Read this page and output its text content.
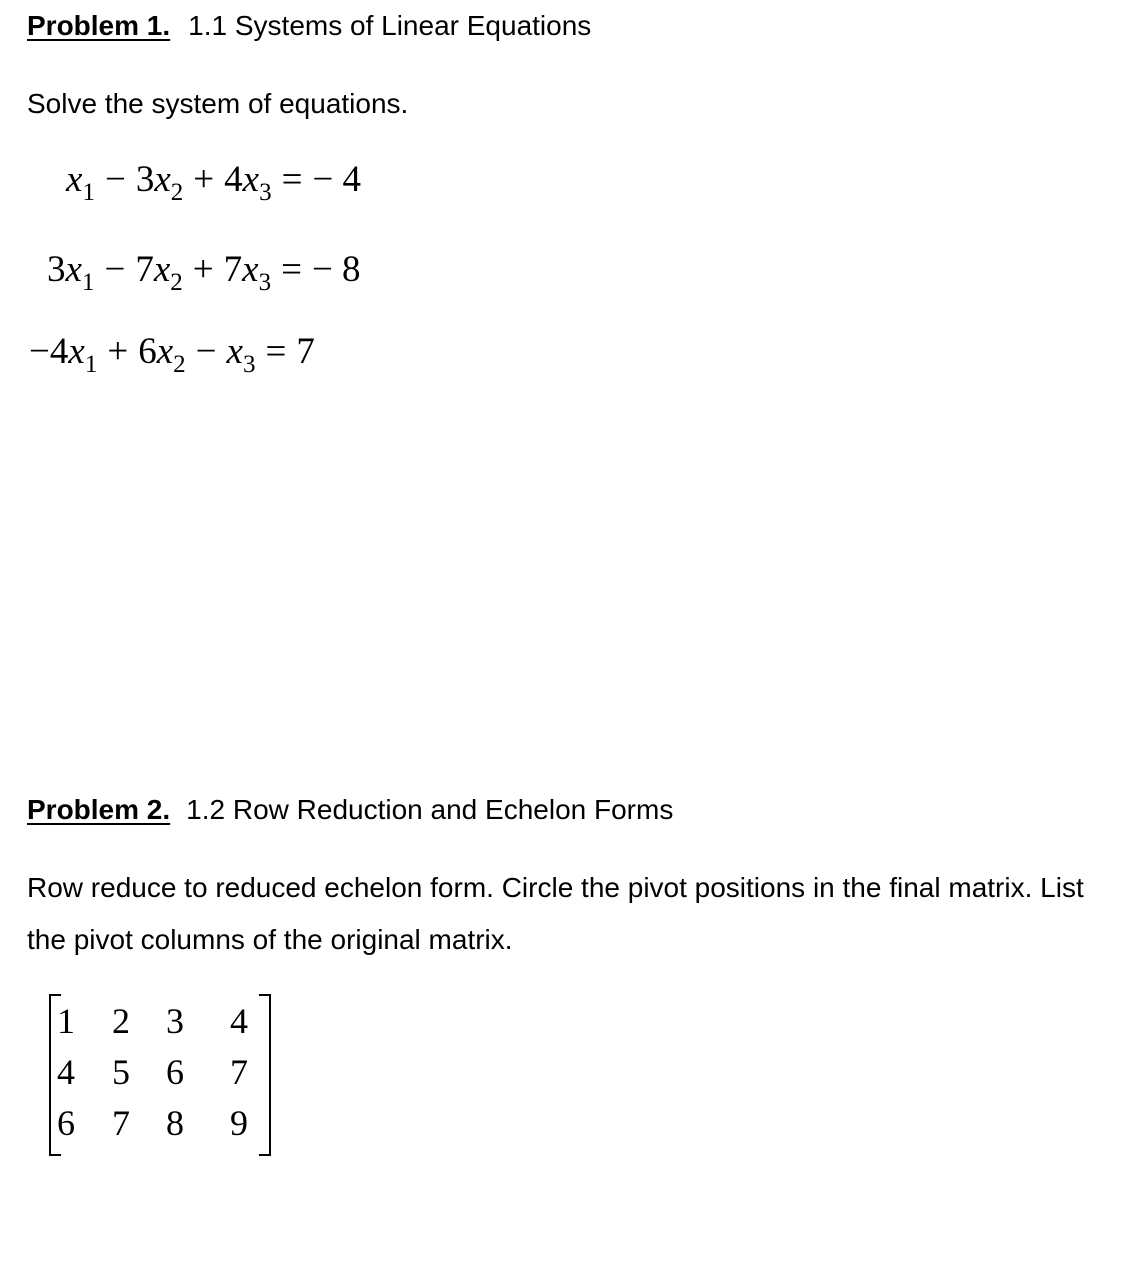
Problem 1. 1.1 Systems of Linear Equations
Solve the system of equations.
$x_1 - 3x_2 + 4x_3$ = − 4
$3x_1 - 7x_2 + 7x_3$ = − 8
$-4x_1 + 6x_2 - x_3 = 7$
Problem 2. 1.2 Row Reduction and Echelon Forms
Row reduce to reduced echelon form. Circle the pivot positions in the final matrix. List the pivot columns of the original matrix.
1 2 3 4
4 5 6 7
6 7 8 9
